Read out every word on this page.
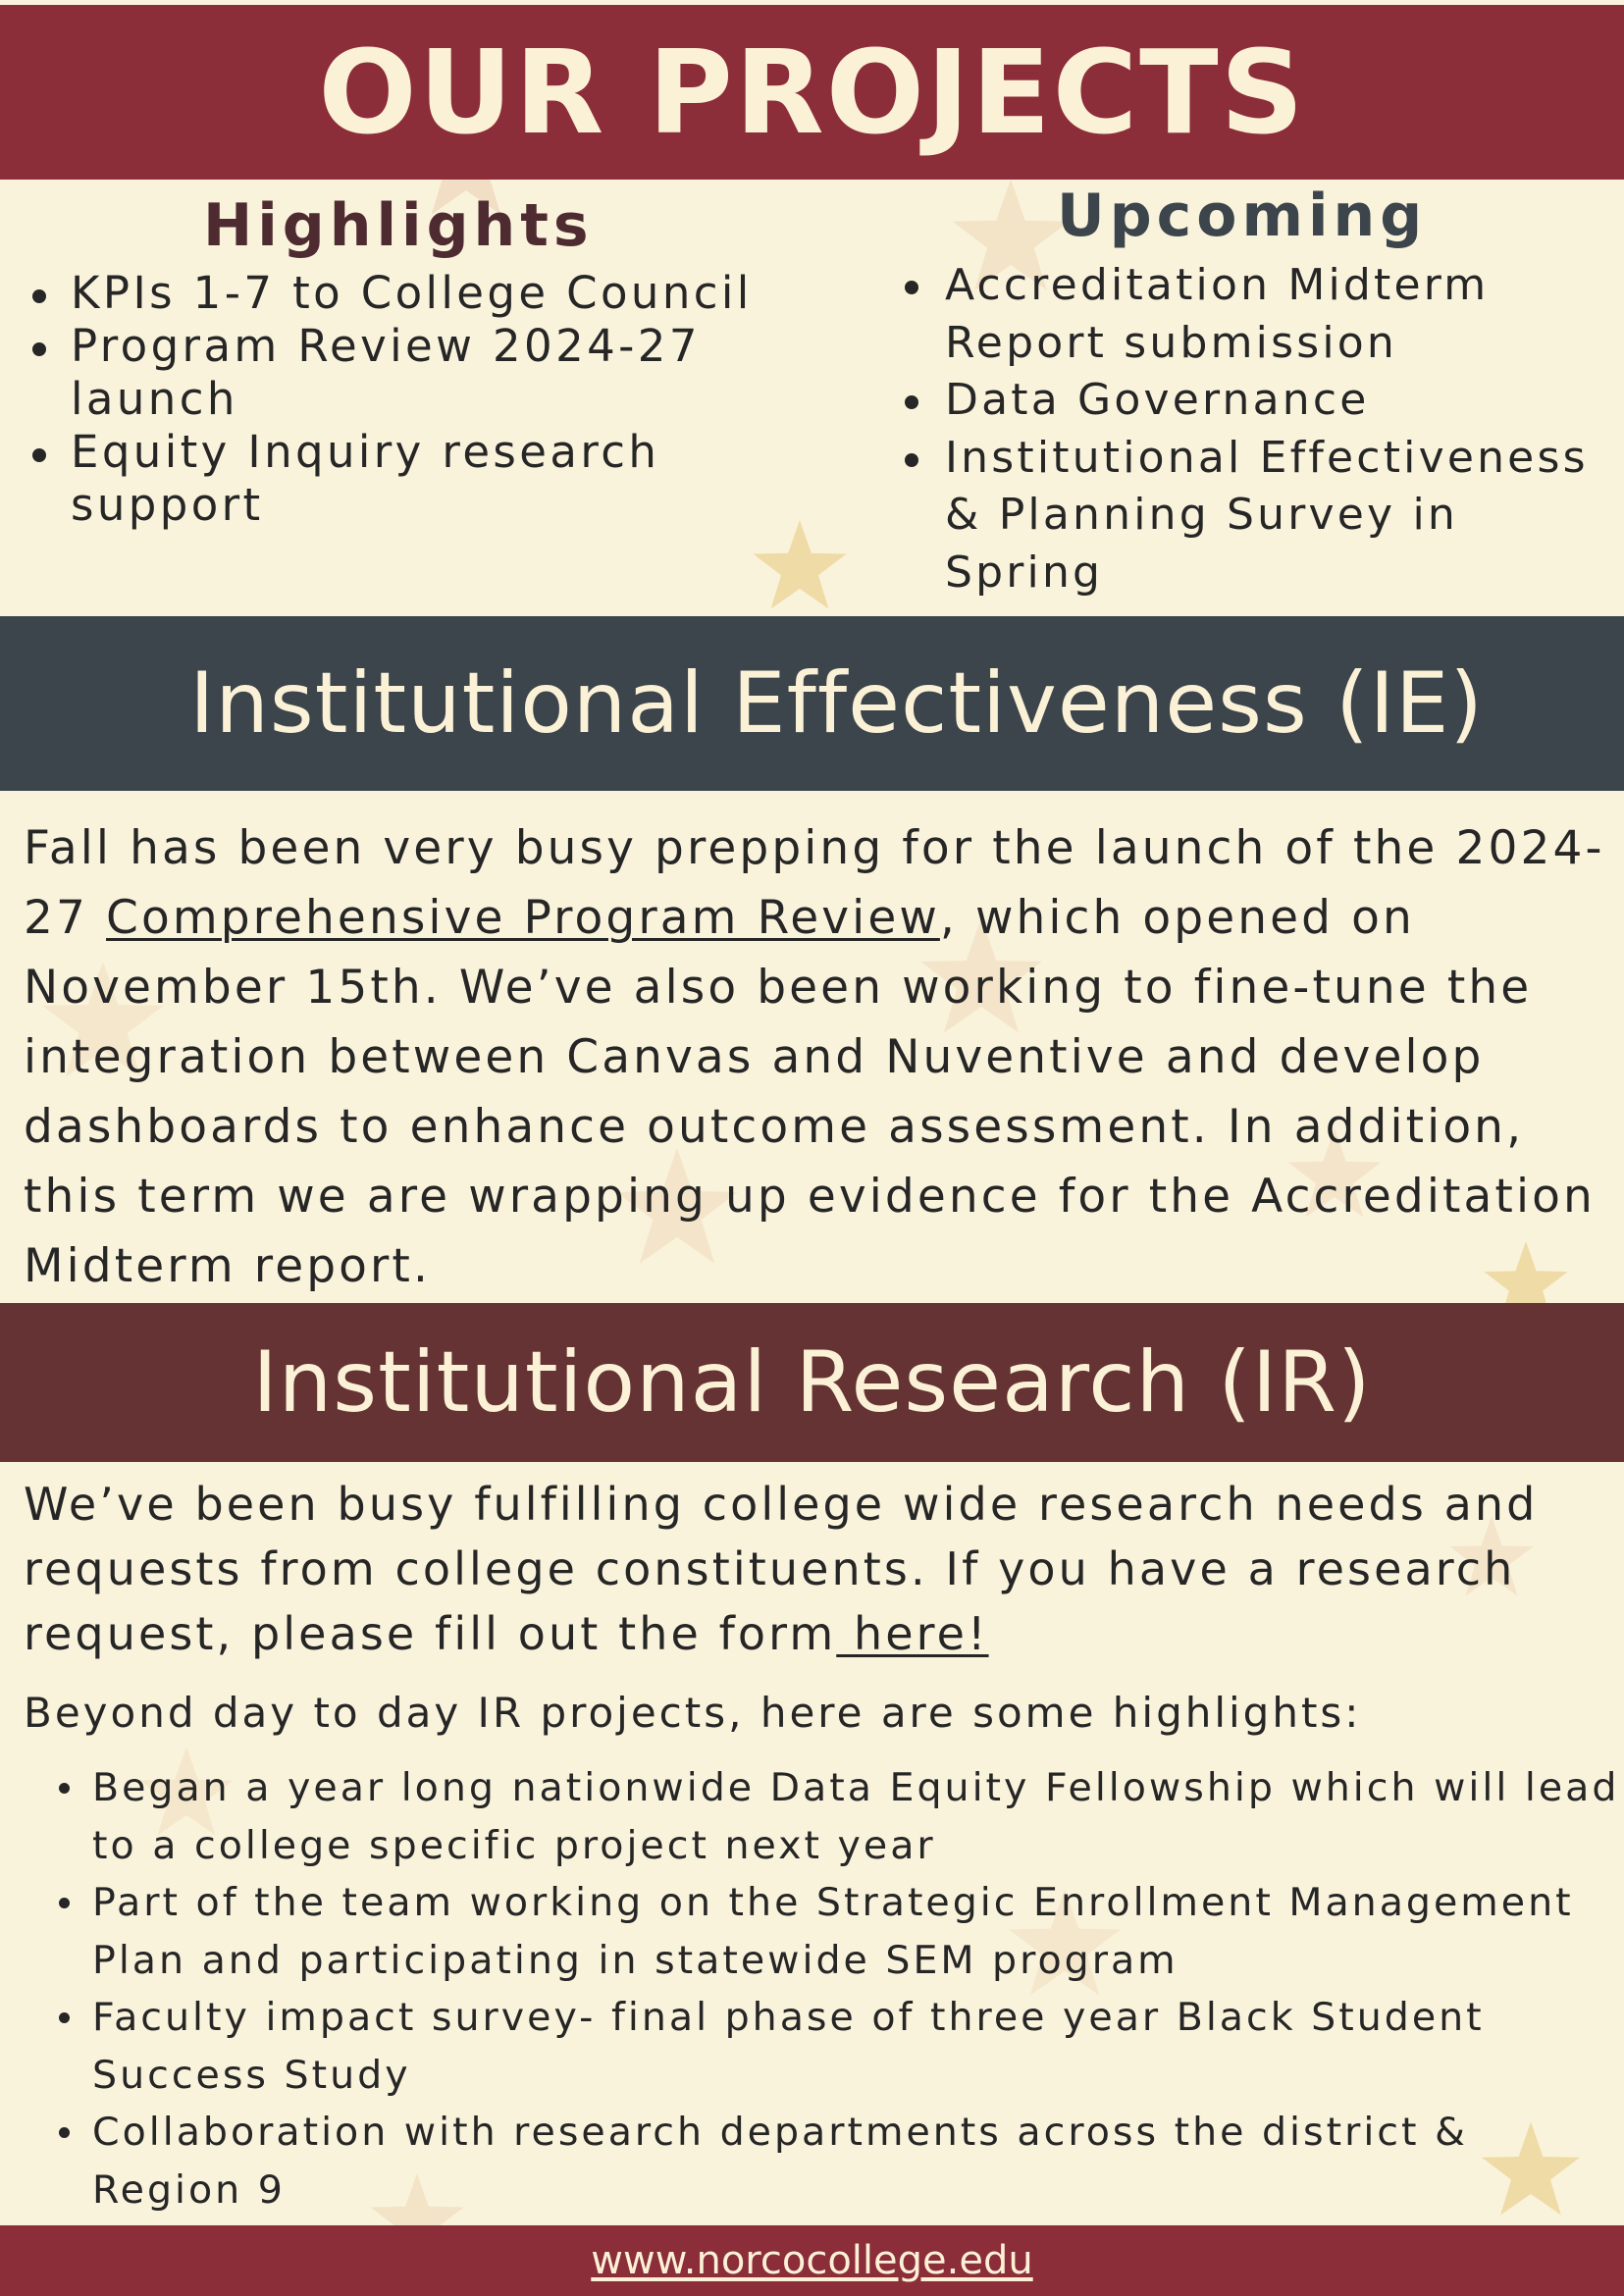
OUR PROJECTS
Highlights
KPIs 1-7 to College Council
Program Review 2024-27 launch
Equity Inquiry research support
Upcoming
Accreditation Midterm Report submission
Data Governance
Institutional Effectiveness & Planning Survey in Spring
Institutional Effectiveness (IE)
Fall has been very busy prepping for the launch of the 2024-27 Comprehensive Program Review, which opened on November 15th. We’ve also been working to fine-tune the integration between Canvas and Nuventive and develop dashboards to enhance outcome assessment. In addition, this term we are wrapping up evidence for the Accreditation Midterm report.
Institutional Research (IR)
We’ve been busy fulfilling college wide research needs and requests from college constituents. If you have a research request, please fill out the form here!
Beyond day to day IR projects, here are some highlights:
Began a year long nationwide Data Equity Fellowship which will lead to a college specific project next year
Part of the team working on the Strategic Enrollment Management Plan and participating in statewide SEM program
Faculty impact survey- final phase of three year Black Student Success Study
Collaboration with research departments across the district & Region 9
www.norcocollege.edu
